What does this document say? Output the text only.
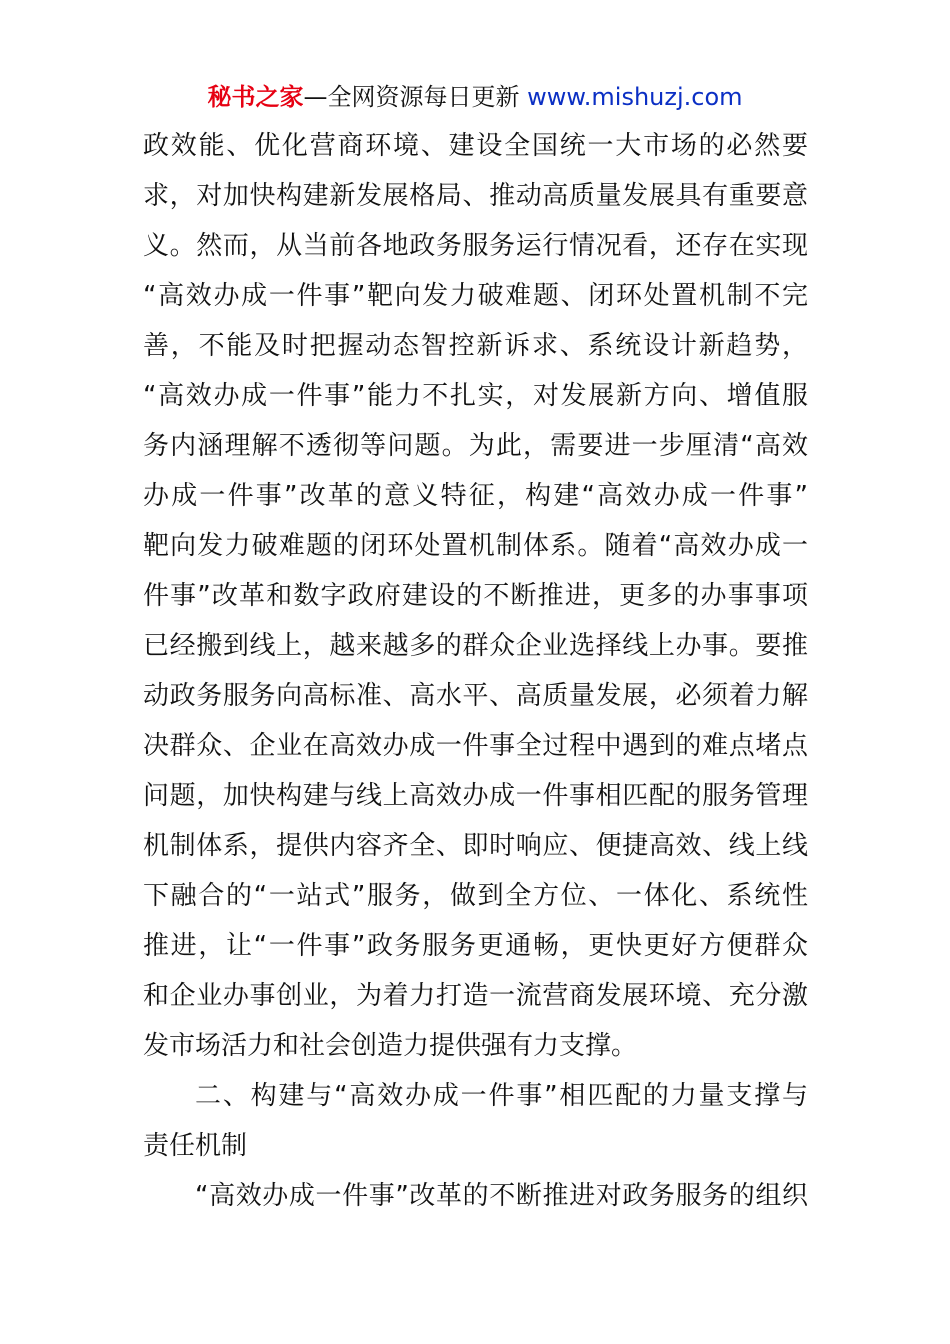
秘书之家—全网资源每日更新 www.mishuzj.com
政效能、优化营商环境、建设全国统一大市场的必然要
求，对加快构建新发展格局、推动高质量发展具有重要意
义。然而，从当前各地政务服务运行情况看，还存在实现
“高效办成一件事”靶向发力破难题、闭环处置机制不完
善，不能及时把握动态智控新诉求、系统设计新趋势，
“高效办成一件事”能力不扎实，对发展新方向、增值服
务内涵理解不透彻等问题。为此，需要进一步厘清“高效
办成一件事”改革的意义特征，构建“高效办成一件事”
靶向发力破难题的闭环处置机制体系。随着“高效办成一
件事”改革和数字政府建设的不断推进，更多的办事事项
已经搬到线上，越来越多的群众企业选择线上办事。要推
动政务服务向高标准、高水平、高质量发展，必须着力解
决群众、企业在高效办成一件事全过程中遇到的难点堵点
问题，加快构建与线上高效办成一件事相匹配的服务管理
机制体系，提供内容齐全、即时响应、便捷高效、线上线
下融合的“一站式”服务，做到全方位、一体化、系统性
推进，让“一件事”政务服务更通畅，更快更好方便群众
和企业办事创业，为着力打造一流营商发展环境、充分激
发市场活力和社会创造力提供强有力支撑。
二、构建与“高效办成一件事”相匹配的力量支撑与
责任机制
“高效办成一件事”改革的不断推进对政务服务的组织
